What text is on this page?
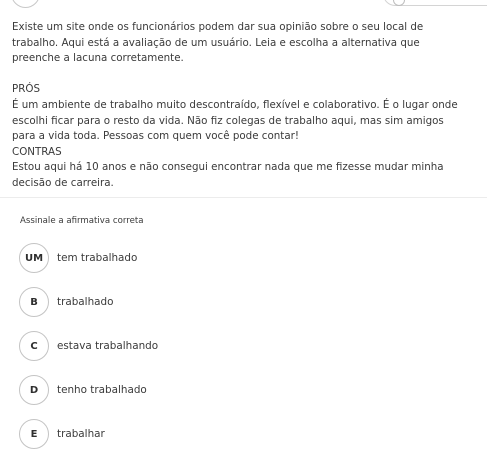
Existe um site onde os funcionários podem dar sua opinião sobre o seu local de

trabalho. Aqui está a avaliação de um usuário. Leia e escolha a alternativa que

preenche a lacuna corretamente.

PRÓS

É um ambiente de trabalho muito descontraído, flexível e colaborativo. É o lugar onde

escolhi ficar para o resto da vida. Não fiz colegas de trabalho aqui, mas sim amigos

para a vida toda. Pessoas com quem você pode contar!

CONTRAS

Estou aqui há 10 anos e não consegui encontrar nada que me fizesse mudar minha

decisão de carreira.

Assinale a afirmativa correta
UM	tem trabalhado
B	trabalhado
C	estava trabalhando
D	tenho trabalhado
E	trabalhar
